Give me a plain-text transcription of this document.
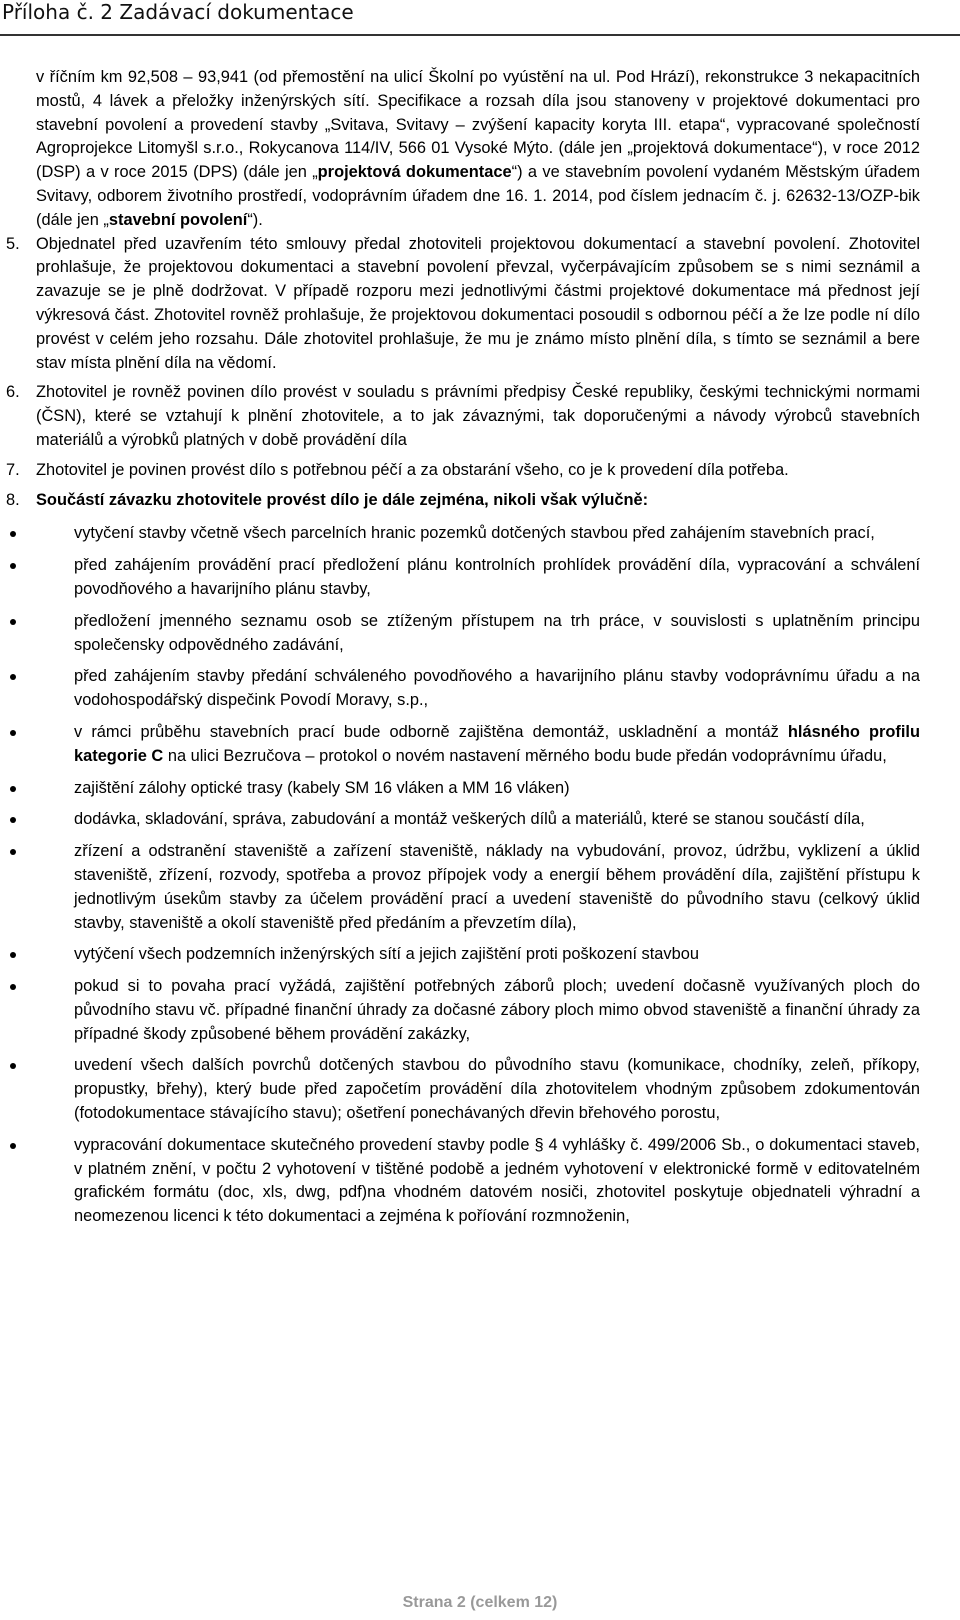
Příloha č. 2 Zadávací dokumentace

v říčním km 92,508 – 93,941 (od přemostění na ulicí Školní po vyústění na ul. Pod Hrází), rekonstrukce 3 nekapacitních mostů, 4 lávek a přeložky inženýrských sítí. Specifikace a rozsah díla jsou stanoveny v projektové dokumentaci pro stavební povolení a provedení stavby „Svitava, Svitavy – zvýšení kapacity koryta III. etapa“, vypracované společností Agroprojekce Litomyšl s.r.o., Rokycanova 114/IV, 566 01 Vysoké Mýto. (dále jen „projektová dokumentace“), v roce 2012 (DSP) a v roce 2015 (DPS) (dále jen „projektová dokumentace“) a ve stavebním povolení vydaném Městským úřadem Svitavy, odborem životního prostředí, vodoprávním úřadem dne 16. 1. 2014, pod číslem jednacím č. j. 62632-13/OZP-bik (dále jen „stavební povolení“).

5. Objednatel před uzavřením této smlouvy předal zhotoviteli projektovou dokumentací a stavební povolení. Zhotovitel prohlašuje, že projektovou dokumentaci a stavební povolení převzal, vyčerpávajícím způsobem se s nimi seznámil a zavazuje se je plně dodržovat. V případě rozporu mezi jednotlivými částmi projektové dokumentace má přednost její výkresová část. Zhotovitel rovněž prohlašuje, že projektovou dokumentaci posoudil s odbornou péčí a že lze podle ní dílo provést v celém jeho rozsahu. Dále zhotovitel prohlašuje, že mu je známo místo plnění díla, s tímto se seznámil a bere stav místa plnění díla na vědomí.
6. Zhotovitel je rovněž povinen dílo provést v souladu s právními předpisy České republiky, českými technickými normami (ČSN), které se vztahují k plnění zhotovitele, a to jak závaznými, tak doporučenými a návody výrobců stavebních materiálů a výrobků platných v době provádění díla
7. Zhotovitel je povinen provést dílo s potřebnou péčí a za obstarání všeho, co je k provedení díla potřeba.
8. Součástí závazku zhotovitele provést dílo je dále zejména, nikoli však výlučně:
vytyčení stavby včetně všech parcelních hranic pozemků dotčených stavbou před zahájením stavebních prací,
před zahájením provádění prací předložení plánu kontrolních prohlídek provádění díla, vypracování a schválení povodňového a havarijního plánu stavby,
předložení jmenného seznamu osob se ztíženým přístupem na trh práce, v souvislosti s uplatněním principu společensky odpovědného zadávání,
před zahájením stavby předání schváleného povodňového a havarijního plánu stavby vodoprávnímu úřadu a na vodohospodářský dispečink Povodí Moravy, s.p.,
v rámci průběhu stavebních prací bude odborně zajištěna demontáž, uskladnění a montáž hlásného profilu kategorie C na ulici Bezručova – protokol o novém nastavení měrného bodu bude předán vodoprávnímu úřadu,
zajištění zálohy optické trasy (kabely SM 16 vláken a MM 16 vláken)
dodávka, skladování, správa, zabudování a montáž veškerých dílů a materiálů, které se stanou součástí díla,
zřízení a odstranění staveniště a zařízení staveniště, náklady na vybudování, provoz, údržbu, vyklizení a úklid staveniště, zřízení, rozvody, spotřeba a provoz přípojek vody a energií během provádění díla, zajištění přístupu k jednotlivým úsekům stavby za účelem provádění prací a uvedení staveniště do původního stavu (celkový úklid stavby, staveniště a okolí staveniště před předáním a převzetím díla),
vytýčení všech podzemních inženýrských sítí a jejich zajištění proti poškození stavbou
pokud si to povaha prací vyžádá, zajištění potřebných záborů ploch; uvedení dočasně využívaných ploch do původního stavu vč. případné finanční úhrady za dočasné zábory ploch mimo obvod staveniště a finanční úhrady za případné škody způsobené během provádění zakázky,
uvedení všech dalších povrchů dotčených stavbou do původního stavu (komunikace, chodníky, zeleň, příkopy, propustky, břehy), který bude před započetím provádění díla zhotovitelem vhodným způsobem zdokumentován (fotodokumentace stávajícího stavu); ošetření ponechávaných dřevin břehového porostu,
vypracování dokumentace skutečného provedení stavby podle § 4 vyhlášky č. 499/2006 Sb., o dokumentaci staveb, v platném znění, v počtu 2 vyhotovení v tištěné podobě a jedném vyhotovení v elektronické formě v editovatelném grafickém formátu (doc, xls, dwg, pdf)na vhodném datovém nosiči, zhotovitel poskytuje objednateli výhradní a neomezenou licenci k této dokumentaci a zejména k poříování rozmnoženin,
Strana 2 (celkem 12)
